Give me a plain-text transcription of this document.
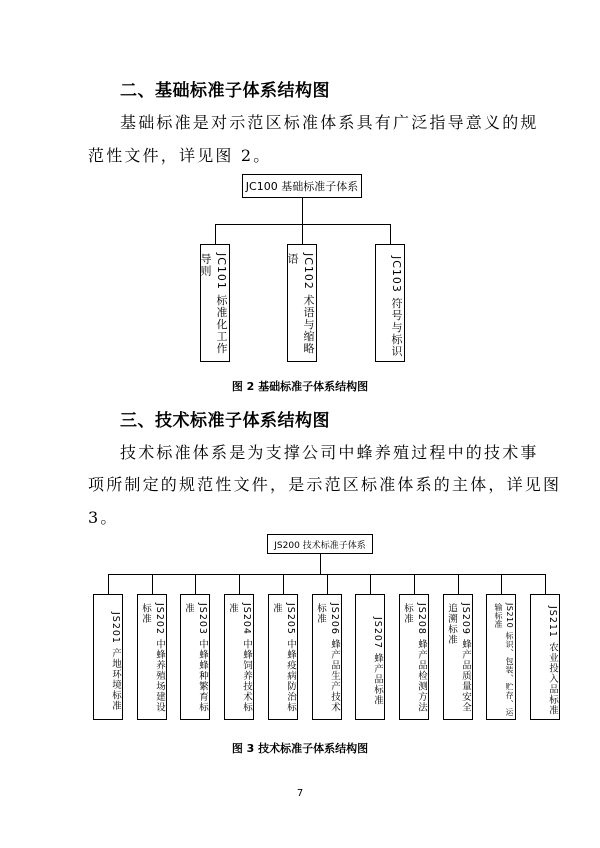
二、基础标准子体系结构图
基础标准是对示范区标准体系具有广泛指导意义的规
范性文件，详见图 2。
JC100 基础标准子体系
JC101 标准化工作导则	JC102 术语与缩略语	JC103 符号与标识
图 2 基础标准子体系结构图
三、技术标准子体系结构图
技术标准体系是为支撑公司中蜂养殖过程中的技术事
项所制定的规范性文件，是示范区标准体系的主体，详见图
3。
JS200 技术标准子体系
JS201 产地环境标准	JS202 中蜂养殖场建设标准	JS203 中蜂蜂种繁育标准	JS204 中蜂饲养技术标准	JS205 中蜂疫病防治标准	JS206 蜂产品生产技术标准
JS207 蜂产品标准	JS208 蜂产品检测方法标准	JS209 蜂产品质量安全追溯标准	JS210 标识、包装、贮存、运输标准	JS211 农业投入品标准
图 3 技术标准子体系结构图
7
